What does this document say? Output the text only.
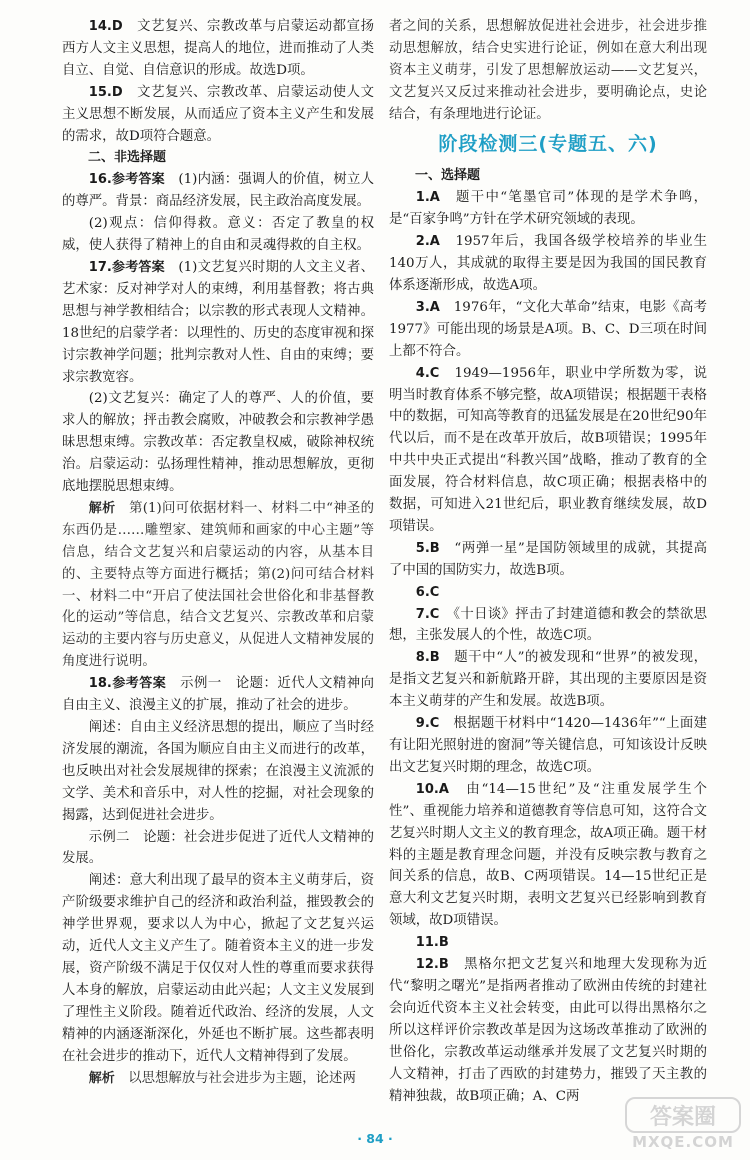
14.D　 文艺复兴、宗教改革与启蒙运动都宣扬西方人文主义思想，提高人的地位，进而推动了人类自立、自觉、自信意识的形成。故选D项。

15.D　 文艺复兴、宗教改革、启蒙运动使人文主义思想不断发展，从而适应了资本主义产生和发展的需求，故D项符合题意。

二、非选择题

16.参考答案　 (1)内涵：强调人的价值，树立人的尊严。背景：商品经济发展，民主政治高度发展。

(2)观点：信仰得救。意义：否定了教皇的权威，使人获得了精神上的自由和灵魂得救的自主权。

17.参考答案　 (1)文艺复兴时期的人文主义者、艺术家：反对神学对人的束缚，利用基督教；将古典思想与神学教相结合；以宗教的形式表现人文精神。18世纪的启蒙学者：以理性的、历史的态度审视和探讨宗教神学问题；批判宗教对人性、自由的束缚；要求宗教宽容。

(2)文艺复兴：确定了人的尊严、人的价值，要求人的解放；抨击教会腐败，冲破教会和宗教神学愚昧思想束缚。宗教改革：否定教皇权威，破除神权统治。启蒙运动：弘扬理性精神，推动思想解放，更彻底地摆脱思想束缚。

解析　 第(1)问可依据材料一、材料二中“神圣的东西仍是……雕塑家、建筑师和画家的中心主题”等信息，结合文艺复兴和启蒙运动的内容，从基本目的、主要特点等方面进行概括；第(2)问可结合材料一、材料二中“开启了使法国社会世俗化和非基督教化的运动”等信息，结合文艺复兴、宗教改革和启蒙运动的主要内容与历史意义，从促进人文精神发展的角度进行说明。

18.参考答案　 示例一　论题：近代人文精神向自由主义、浪漫主义的扩展，推动了社会的进步。

阐述：自由主义经济思想的提出，顺应了当时经济发展的潮流，各国为顺应自由主义而进行的改革，也反映出对社会发展规律的探索；在浪漫主义流派的文学、美术和音乐中，对人性的挖掘，对社会现象的揭露，达到促进社会进步。

示例二　论题：社会进步促进了近代人文精神的发展。

阐述：意大利出现了最早的资本主义萌芽后，资产阶级要求维护自己的经济和政治利益，摧毁教会的神学世界观，要求以人为中心，掀起了文艺复兴运动，近代人文主义产生了。随着资本主义的进一步发展，资产阶级不满足于仅仅对人性的尊重而要求获得人本身的解放，启蒙运动由此兴起；人文主义发展到了理性主义阶段。随着近代政治、经济的发展，人文精神的内涵逐渐深化，外延也不断扩展。这些都表明在社会进步的推动下，近代人文精神得到了发展。

解析　 以思想解放与社会进步为主题，论述两

者之间的关系，思想解放促进社会进步，社会进步推动思想解放，结合史实进行论证，例如在意大利出现资本主义萌芽，引发了思想解放运动——文艺复兴，文艺复兴又反过来推动社会进步，要明确论点，史论结合，有条理地进行论证。

阶段检测三(专题五、六)

一、选择题

1.A　 题干中“笔墨官司”体现的是学术争鸣，是“百家争鸣”方针在学术研究领域的表现。

2.A　 1957年后，我国各级学校培养的毕业生140万人，其成就的取得主要是因为我国的国民教育体系逐渐形成，故选A项。

3.A　 1976年，“文化大革命”结束，电影《高考1977》可能出现的场景是A项。B、C、D三项在时间上都不符合。

4.C　 1949—1956年，职业中学所数为零，说明当时教育体系不够完整，故A项错误；根据题干表格中的数据，可知高等教育的迅猛发展是在20世纪90年代以后，而不是在改革开放后，故B项错误；1995年中共中央正式提出“科教兴国”战略，推动了教育的全面发展，符合材料信息，故C项正确；根据表格中的数据，可知进入21世纪后，职业教育继续发展，故D项错误。

5.B　 “两弹一星”是国防领域里的成就，其提高了中国的国防实力，故选B项。

6.C

7.C　 《十日谈》抨击了封建道德和教会的禁欲思想，主张发展人的个性，故选C项。

8.B　 题干中“人”的被发现和“世界”的被发现，是指文艺复兴和新航路开辟，其出现的主要原因是资本主义萌芽的产生和发展。故选B项。

9.C　 根据题干材料中“1420—1436年”“上面建有让阳光照射进的窗洞”等关键信息，可知该设计反映出文艺复兴时期的理念，故选C项。

10.A　 由“14—15世纪”及“注重发展学生个性”、重视能力培养和道德教育等信息可知，这符合文艺复兴时期人文主义的教育理念，故A项正确。题干材料的主题是教育理念问题，并没有反映宗教与教育之间关系的信息，故B、C两项错误。14—15世纪正是意大利文艺复兴时期，表明文艺复兴已经影响到教育领域，故D项错误。

11.B

12.B　 黑格尔把文艺复兴和地理大发现称为近代“黎明之曙光”是指两者推动了欧洲由传统的封建社会向近代资本主义社会转变，由此可以得出黑格尔之所以这样评价宗教改革是因为这场改革推动了欧洲的世俗化，宗教改革运动继承并发展了文艺复兴时期的人文精神，打击了西欧的封建势力，摧毁了天主教的精神独裁，故B项正确；A、C两

· 84 ·
答案圈
MXQE.COM
